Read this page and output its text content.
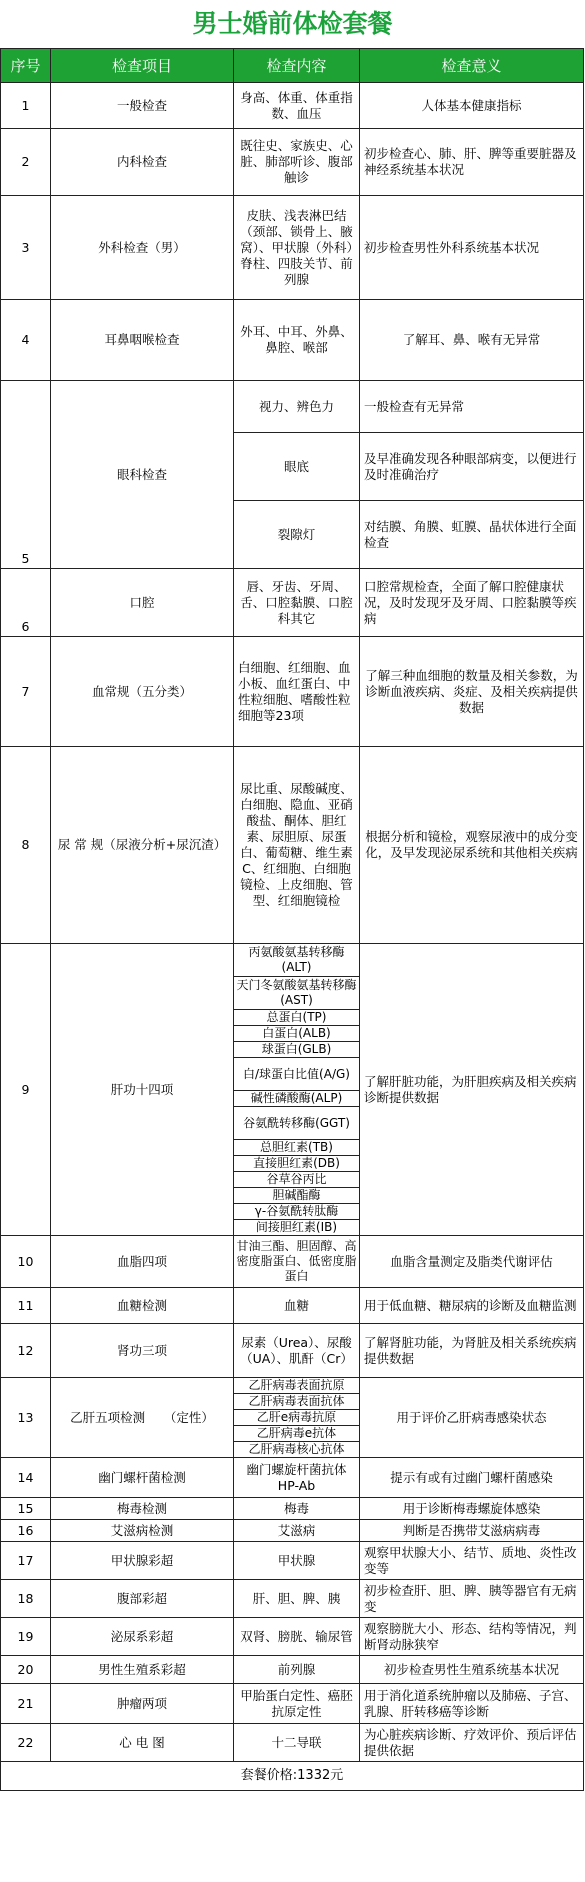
男士婚前体检套餐
序号	检查项目	检查内容	检查意义
1	一般检查	身高、体重、体重指数、血压	人体基本健康指标
2	内科检查	既往史、家族史、心脏、肺部听诊、腹部触诊	初步检查心、肺、肝、脾等重要脏器及神经系统基本状况
3	外科检查（男）	皮肤、浅表淋巴结（颈部、锁骨上、腋窝）、甲状腺（外科）脊柱、四肢关节、前列腺	初步检查男性外科系统基本状况
4	耳鼻咽喉检查	外耳、中耳、外鼻、鼻腔、喉部	了解耳、鼻、喉有无异常
5	眼科检查	视力、辨色力	一般检查有无异常
		眼底	及早准确发现各种眼部病变，以便进行及时准确治疗
		裂隙灯	对结膜、角膜、虹膜、晶状体进行全面检查
6	口腔	唇、牙齿、牙周、舌、口腔黏膜、口腔科其它	口腔常规检查，全面了解口腔健康状况，及时发现牙及牙周、口腔黏膜等疾病
7	血常规（五分类）	白细胞、红细胞、血小板、血红蛋白、中性粒细胞、嗜酸性粒细胞等23项	了解三种血细胞的数量及相关参数，为诊断血液疾病、炎症、及相关疾病提供数据
8	尿 常 规（尿液分析+尿沉渣）	尿比重、尿酸碱度、白细胞、隐血、亚硝酸盐、酮体、胆红素、尿胆原、尿蛋白、葡萄糖、维生素C、红细胞、白细胞镜检、上皮细胞、管型、红细胞镜检	根据分析和镜检，观察尿液中的成分变化，及早发现泌尿系统和其他相关疾病
9	肝功十四项	丙氨酸氨基转移酶(ALT)	了解肝脏功能，为肝胆疾病及相关疾病诊断提供数据
		天门冬氨酸氨基转移酶(AST)	
		总蛋白(TP)	
		白蛋白(ALB)	
		球蛋白(GLB)	
		白/球蛋白比值(A/G)	
		碱性磷酸酶(ALP)	
		谷氨酰转移酶(GGT)	
		总胆红素(TB)	
		直接胆红素(DB)	
		谷草谷丙比	
		胆碱酯酶	
		γ-谷氨酰转肽酶	
		间接胆红素(IB)	
10	血脂四项	甘油三酯、胆固醇、高密度脂蛋白、低密度脂蛋白	血脂含量测定及脂类代谢评估
11	血糖检测	血糖	用于低血糖、糖尿病的诊断及血糖监测
12	肾功三项	尿素（Urea）、尿酸（UA）、肌酐（Cr）	了解肾脏功能，为肾脏及相关系统疾病提供数据
13	乙肝五项检测　　（定性）	乙肝病毒表面抗原	用于评价乙肝病毒感染状态
		乙肝病毒表面抗体	
		乙肝e病毒抗原	
		乙肝病毒e抗体	
		乙肝病毒核心抗体	
14	幽门螺杆菌检测	幽门螺旋杆菌抗体HP-Ab	提示有或有过幽门螺杆菌感染
15	梅毒检测	梅毒	用于诊断梅毒螺旋体感染
16	艾滋病检测	艾滋病	判断是否携带艾滋病病毒
17	甲状腺彩超	甲状腺	观察甲状腺大小、结节、质地、炎性改变等
18	腹部彩超	肝、胆、脾、胰	初步检查肝、胆、脾、胰等器官有无病变
19	泌尿系彩超	双肾、膀胱、输尿管	观察膀胱大小、形态、结构等情况，判断肾动脉狭窄
20	男性生殖系彩超	前列腺	初步检查男性生殖系统基本状况
21	肿瘤两项	甲胎蛋白定性、癌胚抗原定性	用于消化道系统肿瘤以及肺癌、子宫、乳腺、肝转移癌等诊断
22	心 电 图	十二导联	为心脏疾病诊断、疗效评价、预后评估提供依据
套餐价格:1332元			
